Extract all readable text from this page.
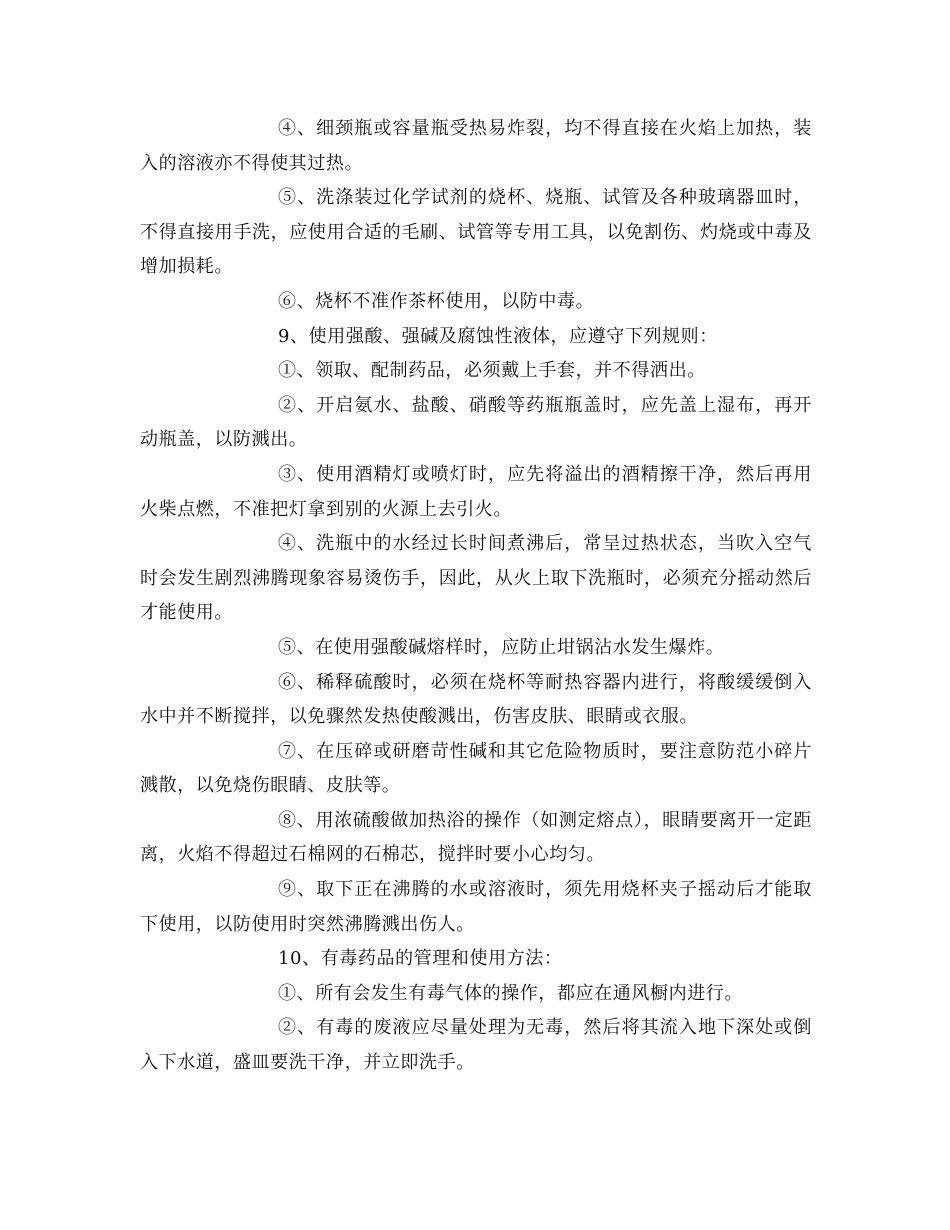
④、细颈瓶或容量瓶受热易炸裂，均不得直接在火焰上加热，装入的溶液亦不得使其过热。

⑤、洗涤装过化学试剂的烧杯、烧瓶、试管及各种玻璃器皿时，不得直接用手洗，应使用合适的毛刷、试管等专用工具，以免割伤、灼烧或中毒及增加损耗。

⑥、烧杯不准作茶杯使用，以防中毒。

9、使用强酸、强碱及腐蚀性液体，应遵守下列规则：

①、领取、配制药品，必须戴上手套，并不得洒出。

②、开启氨水、盐酸、硝酸等药瓶瓶盖时，应先盖上湿布，再开动瓶盖，以防溅出。

③、使用酒精灯或喷灯时，应先将溢出的酒精擦干净，然后再用火柴点燃，不准把灯拿到别的火源上去引火。

④、洗瓶中的水经过长时间煮沸后，常呈过热状态，当吹入空气时会发生剧烈沸腾现象容易烫伤手，因此，从火上取下洗瓶时，必须充分摇动然后才能使用。

⑤、在使用强酸碱熔样时，应防止坩锅沾水发生爆炸。

⑥、稀释硫酸时，必须在烧杯等耐热容器内进行，将酸缓缓倒入水中并不断搅拌，以免骤然发热使酸溅出，伤害皮肤、眼睛或衣服。

⑦、在压碎或研磨苛性碱和其它危险物质时，要注意防范小碎片溅散，以免烧伤眼睛、皮肤等。

⑧、用浓硫酸做加热浴的操作（如测定熔点），眼睛要离开一定距离，火焰不得超过石棉网的石棉芯，搅拌时要小心均匀。

⑨、取下正在沸腾的水或溶液时，须先用烧杯夹子摇动后才能取下使用，以防使用时突然沸腾溅出伤人。

10、有毒药品的管理和使用方法：

①、所有会发生有毒气体的操作，都应在通风橱内进行。

②、有毒的废液应尽量处理为无毒，然后将其流入地下深处或倒入下水道，盛皿要洗干净，并立即洗手。
